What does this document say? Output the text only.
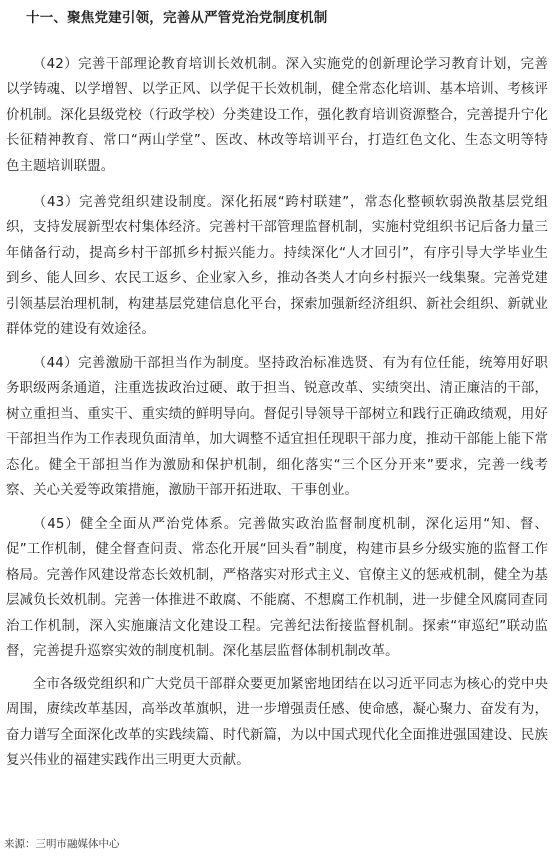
十一、聚焦党建引领，完善从严管党治党制度机制

（42）完善干部理论教育培训长效机制。深入实施党的创新理论学习教育计划，完善以学铸魂、以学增智、以学正风、以学促干长效机制，健全常态化培训、基本培训、考核评价机制。深化县级党校（行政学校）分类建设工作，强化教育培训资源整合，完善提升宁化长征精神教育、常口“两山学堂”、医改、林改等培训平台，打造红色文化、生态文明等特色主题培训联盟。

（43）完善党组织建设制度。深化拓展“跨村联建”，常态化整顿软弱涣散基层党组织，支持发展新型农村集体经济。完善村干部管理监督机制，实施村党组织书记后备力量三年储备行动，提高乡村干部抓乡村振兴能力。持续深化“人才回引”，有序引导大学毕业生到乡、能人回乡、农民工返乡、企业家入乡，推动各类人才向乡村振兴一线集聚。完善党建引领基层治理机制，构建基层党建信息化平台，探索加强新经济组织、新社会组织、新就业群体党的建设有效途径。

（44）完善激励干部担当作为制度。坚持政治标准选贤、有为有位任能，统筹用好职务职级两条通道，注重选拔政治过硬、敢于担当、锐意改革、实绩突出、清正廉洁的干部，树立重担当、重实干、重实绩的鲜明导向。督促引导领导干部树立和践行正确政绩观，用好干部担当作为工作表现负面清单，加大调整不适宜担任现职干部力度，推动干部能上能下常态化。健全干部担当作为激励和保护机制，细化落实“三个区分开来”要求，完善一线考察、关心关爱等政策措施，激励干部开拓进取、干事创业。

（45）健全全面从严治党体系。完善做实政治监督制度机制，深化运用“知、督、促”工作机制，健全督查问责、常态化开展“回头看”制度，构建市县乡分级实施的监督工作格局。完善作风建设常态长效机制，严格落实对形式主义、官僚主义的惩戒机制，健全为基层减负长效机制。完善一体推进不敢腐、不能腐、不想腐工作机制，进一步健全风腐同查同治工作机制，深入实施廉洁文化建设工程。完善纪法衔接监督机制。探索“审巡纪”联动监督，完善提升巡察实效的制度机制。深化基层监督体制机制改革。

全市各级党组织和广大党员干部群众要更加紧密地团结在以习近平同志为核心的党中央周围，赓续改革基因，高举改革旗帜，进一步增强责任感、使命感，凝心聚力、奋发有为，奋力谱写全面深化改革的实践续篇、时代新篇，为以中国式现代化全面推进强国建设、民族复兴伟业的福建实践作出三明更大贡献。

来源：三明市融媒体中心
